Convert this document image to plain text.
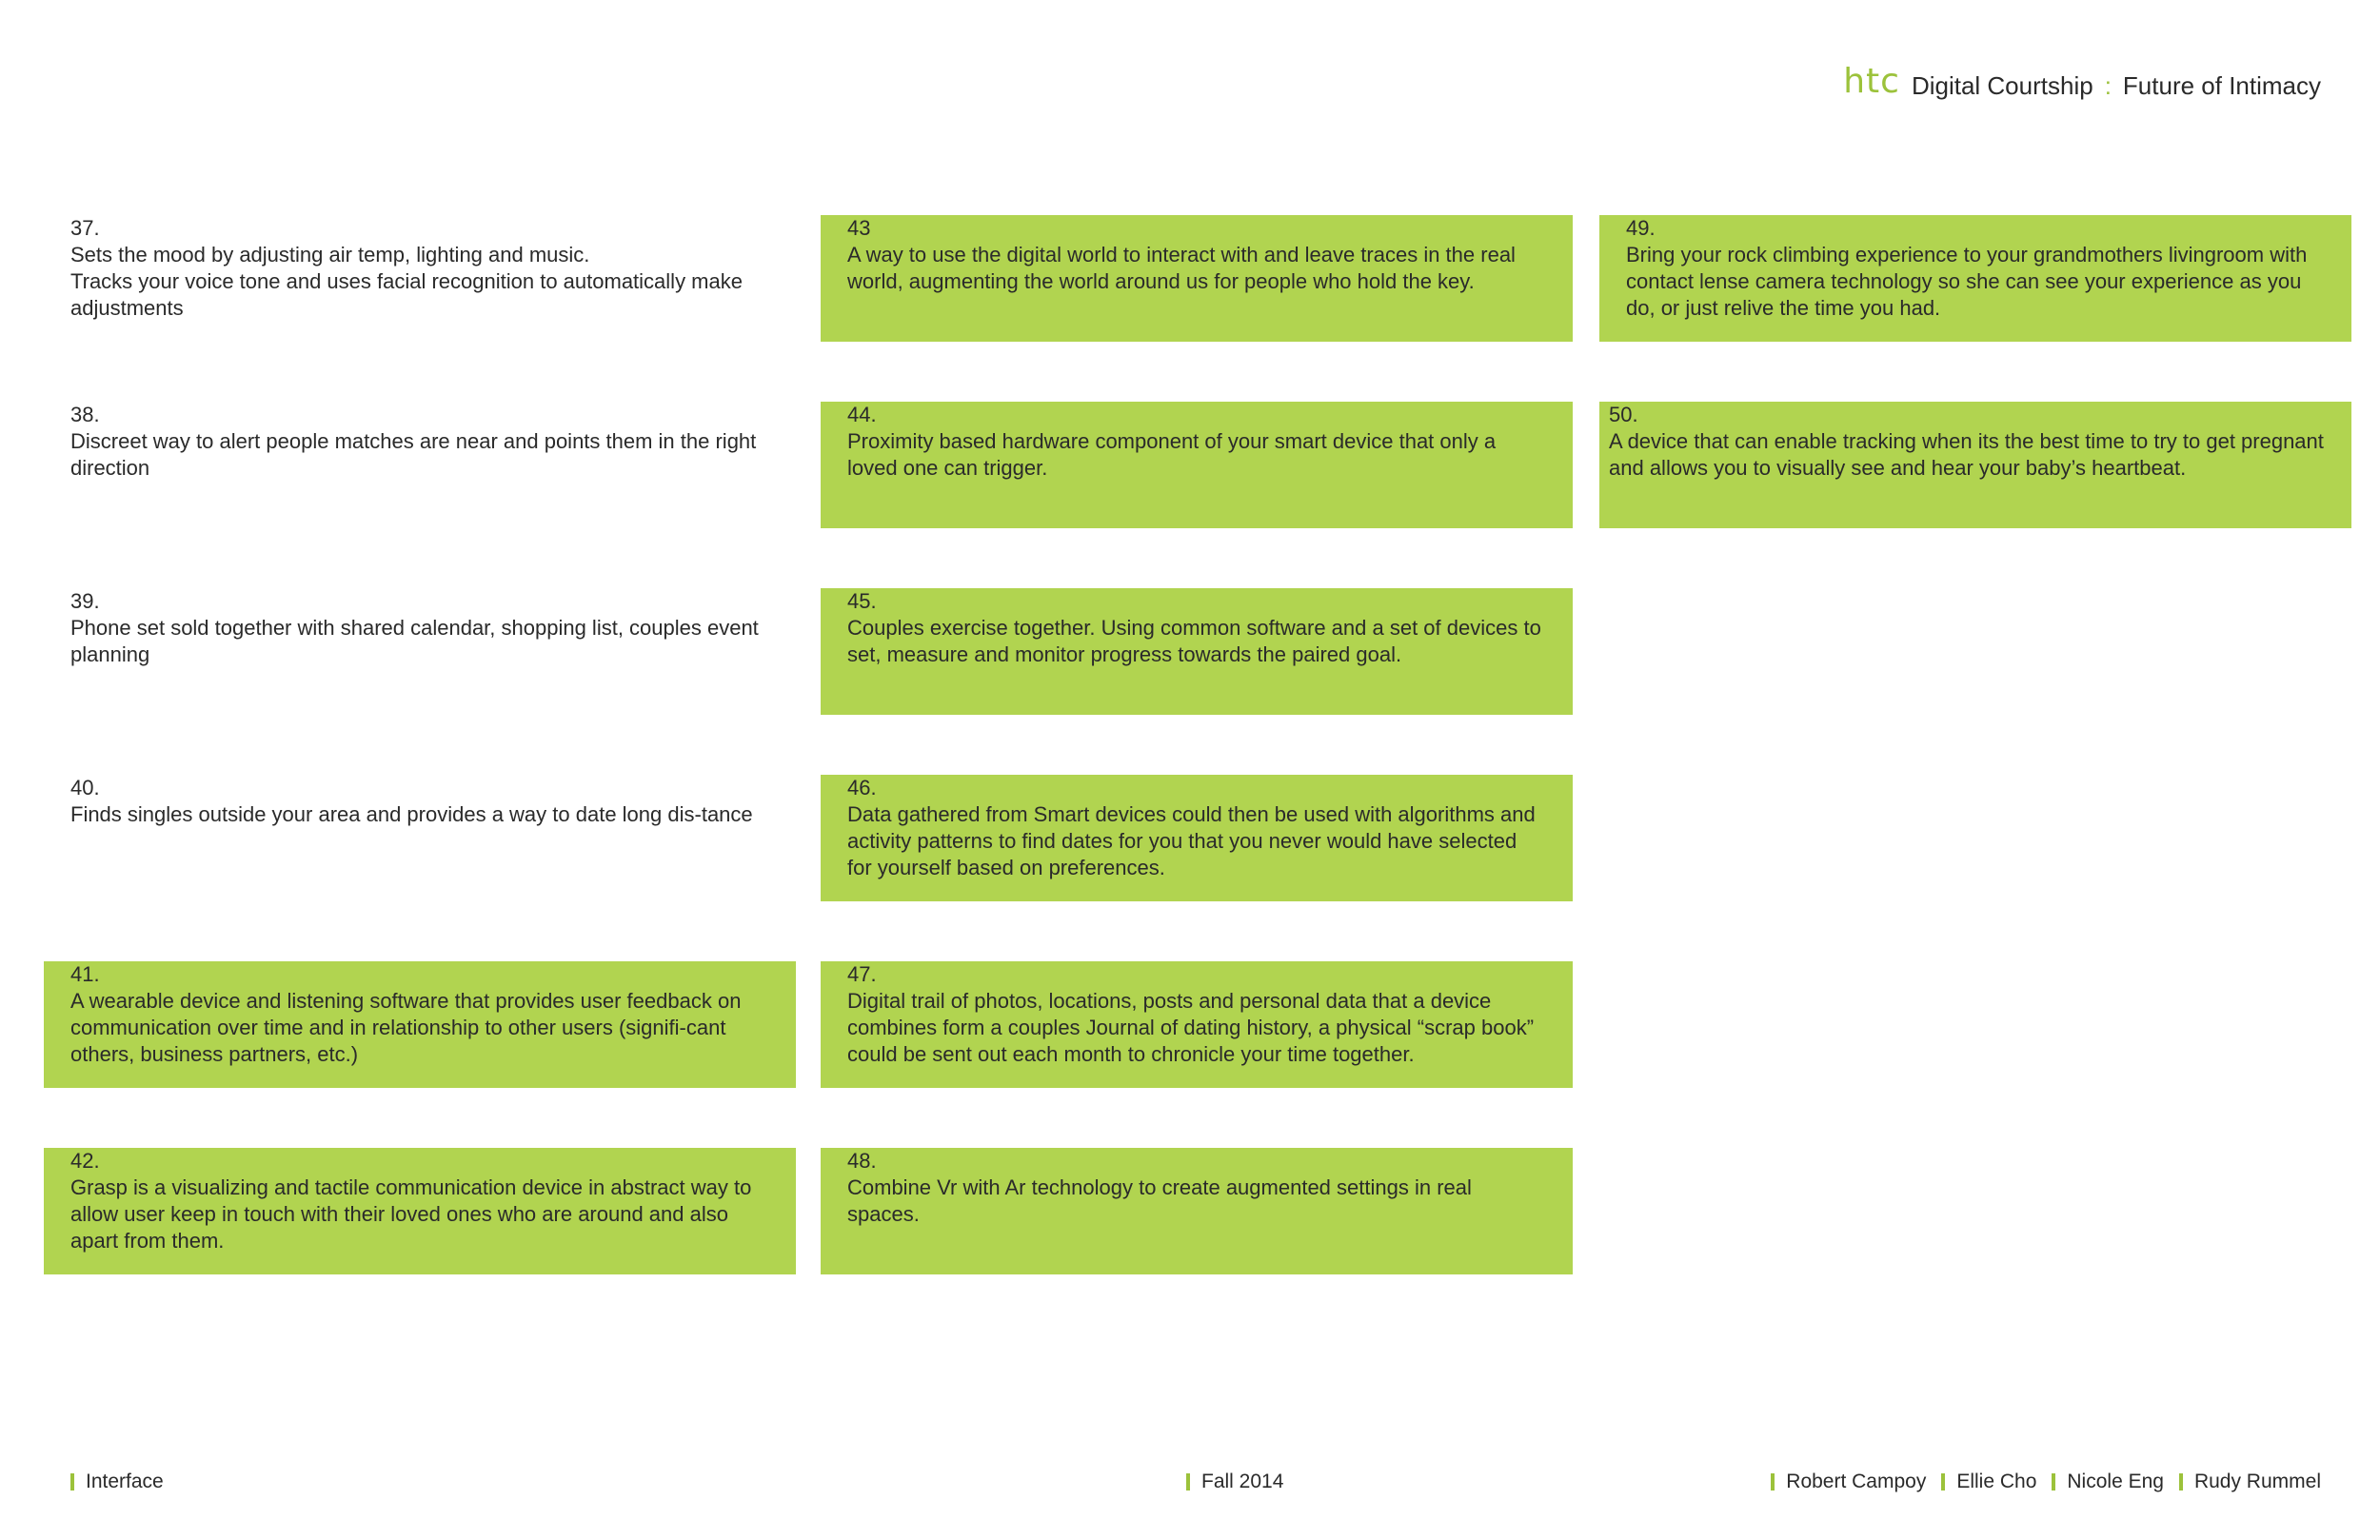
htc Digital Courtship : Future of Intimacy
37.
Sets the mood by adjusting air temp, lighting and music.
Tracks your voice tone and uses facial recognition to automatically make adjustments
38.
Discreet way to alert people matches are near and points them in the right direction
39.
Phone set sold together with shared calendar, shopping list, couples event planning
40.
Finds singles outside your area and provides a way to date long dis-tance
41.
A wearable device and listening software that provides user feedback on communication over time and in relationship to other users (signifi-cant others, business partners, etc.)
42.
Grasp is a visualizing and tactile communication device in abstract way to allow user keep in touch with their loved ones who are around and also apart from them.
43
A way to use the digital world to interact with and leave traces in the real world, augmenting the world around us for people who hold the key.
44.
Proximity based hardware component of your smart device that only a loved one can trigger.
45.
Couples exercise together. Using common software and a set of devices to set, measure and monitor progress towards the paired goal.
46.
Data gathered from Smart devices could then be used with algorithms and activity patterns to find dates for you that you never would have selected for yourself based on preferences.
47.
Digital trail of photos, locations, posts and personal data that a device combines form a couples Journal of dating history, a physical “scrap book” could be sent out each month to chronicle your time together.
48.
Combine Vr with Ar technology to create augmented settings in real spaces.
49.
Bring your rock climbing experience to your grandmothers livingroom with contact lense camera technology so she can see your experience as you do, or just relive the time you had.
50.
A device that can enable tracking when its the best time to try to get pregnant and allows you to visually see and hear your baby’s heartbeat.
Interface	Fall 2014	Robert Campoy Ellie Cho Nicole Eng Rudy Rummel
